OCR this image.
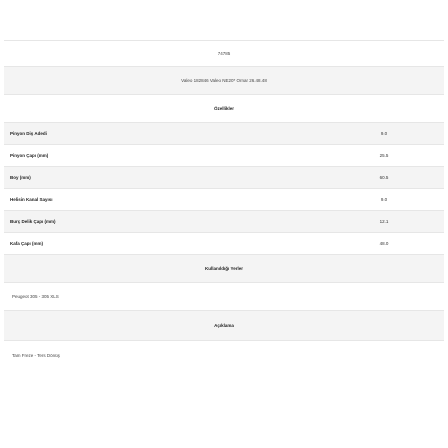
74785
Valeo 182846 Valeo NE20* Ornar 26.48.48
Özellikler
Pinyon Diş Adedi	9.0
Pinyon Çapı (mm)	25.5
Boy (mm)	60.5
Helisin Kanal Sayısı	9.0
Burç Delik Çapı (mm)	12.1
Kafa Çapı (mm)	48.0
Kullanıldığı Yerler
Peugeot 305 - 305 XLS
Açıklama
Tam Freze - Ters Dönüş
